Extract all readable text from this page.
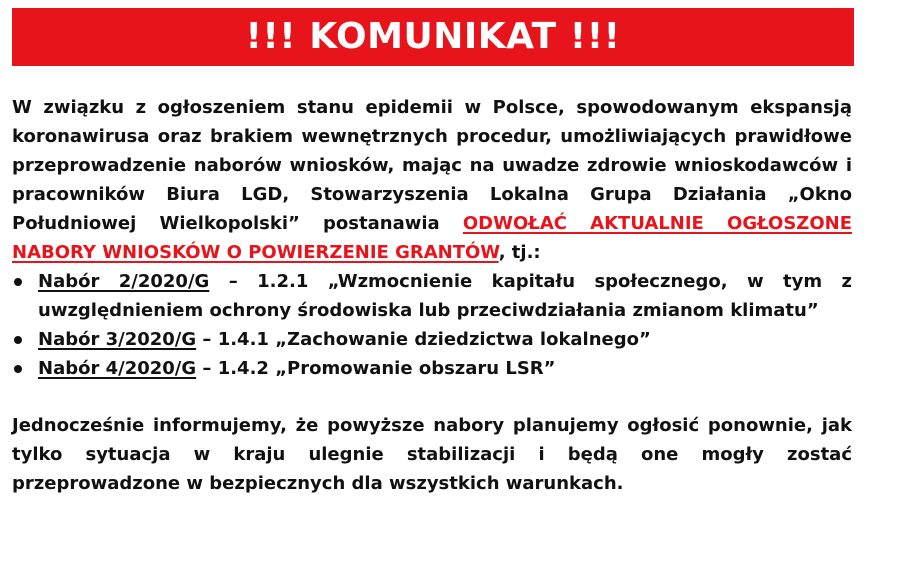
!!! KOMUNIKAT !!!

W związku z ogłoszeniem stanu epidemii w Polsce, spowodowanym ekspansją koronawirusa oraz brakiem wewnętrznych procedur, umożliwiających prawidłowe przeprowadzenie naborów wniosków, mając na uwadze zdrowie wnioskodawców i pracowników Biura LGD, Stowarzyszenia Lokalna Grupa Działania „Okno Południowej Wielkopolski” postanawia ODWOŁAĆ AKTUALNIE OGŁOSZONE NABORY WNIOSKÓW O POWIERZENIE GRANTÓW, tj.:

Nabór 2/2020/G – 1.2.1 „Wzmocnienie kapitału społecznego, w tym z uwzględnieniem ochrony środowiska lub przeciwdziałania zmianom klimatu”
Nabór 3/2020/G – 1.4.1 „Zachowanie dziedzictwa lokalnego”
Nabór 4/2020/G – 1.4.2 „Promowanie obszaru LSR”

Jednocześnie informujemy, że powyższe nabory planujemy ogłosić ponownie, jak tylko sytuacja w kraju ulegnie stabilizacji i będą one mogły zostać przeprowadzone w bezpiecznych dla wszystkich warunkach.
